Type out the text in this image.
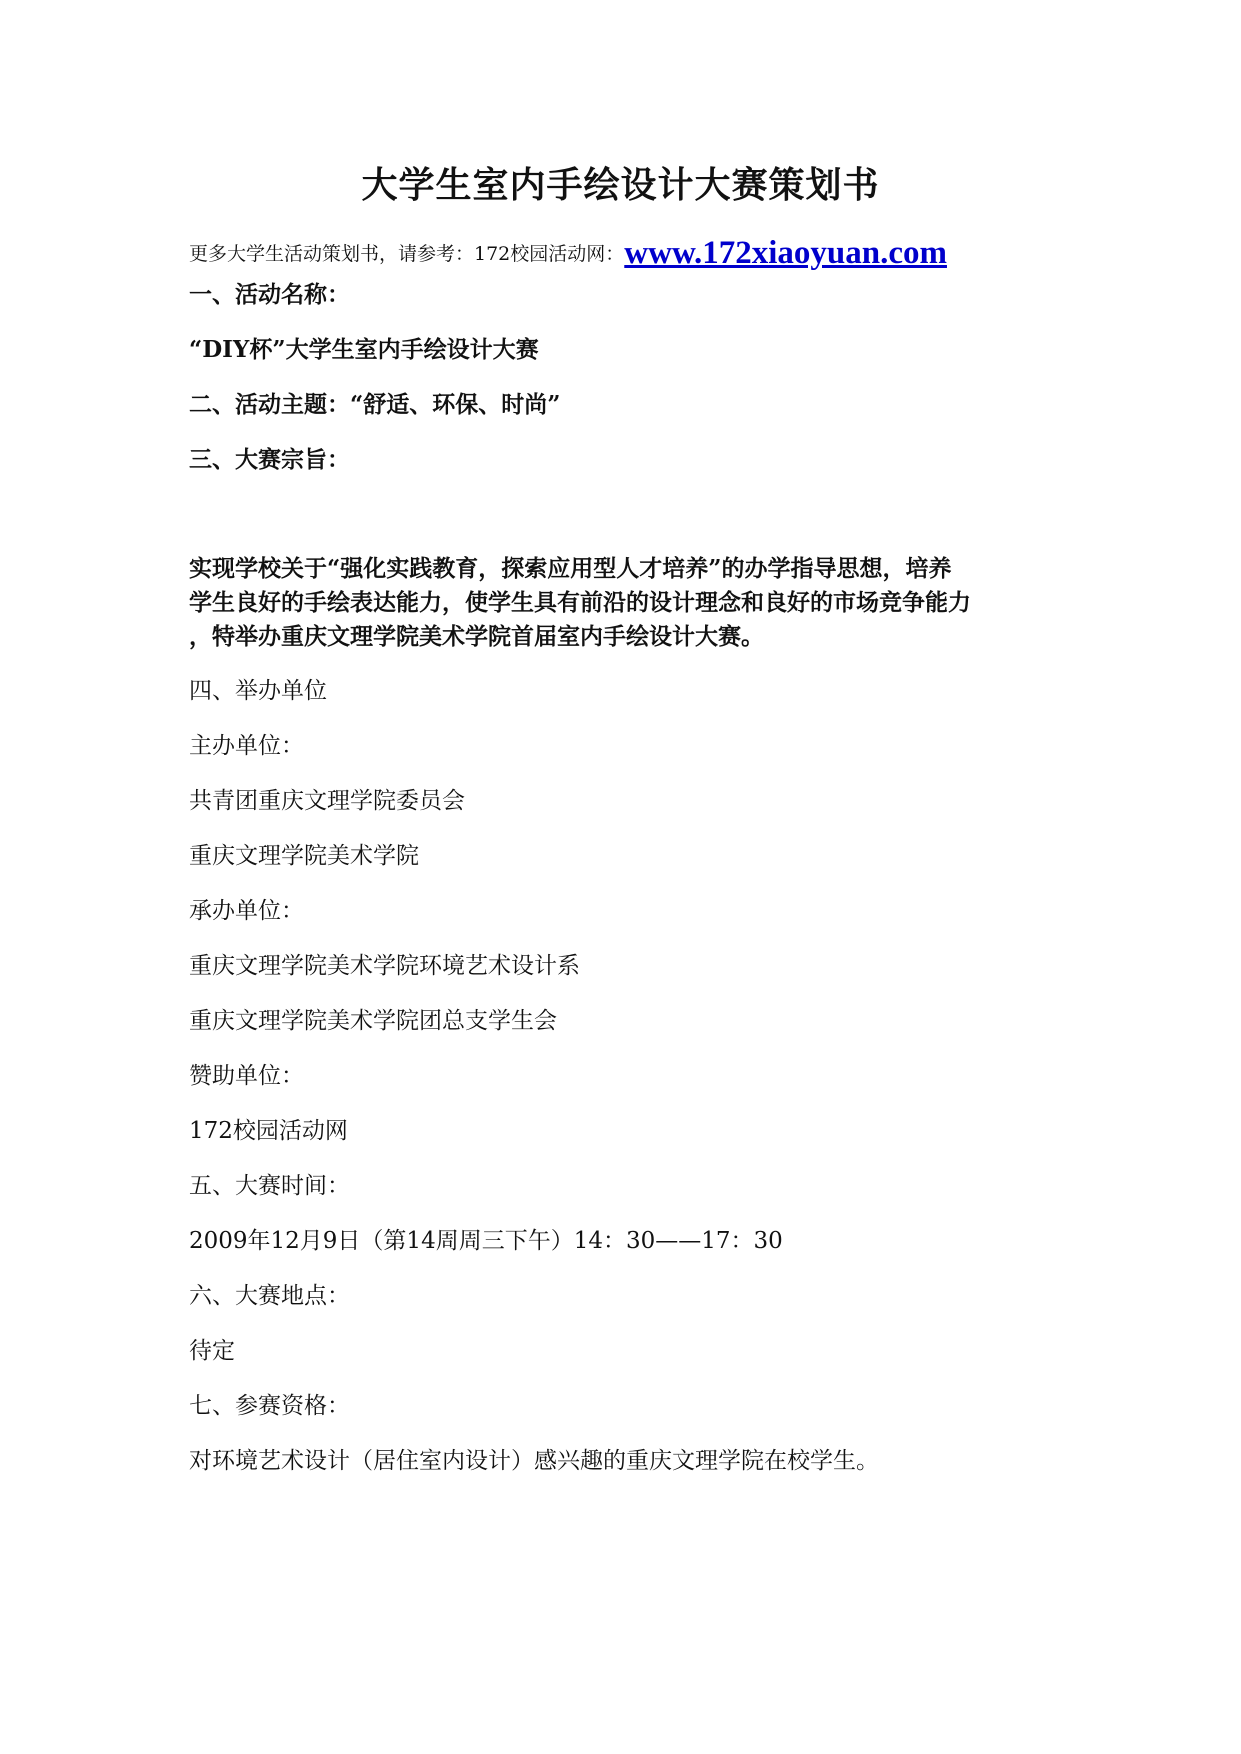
大学生室内手绘设计大赛策划书
更多大学生活动策划书，请参考：172校园活动网：www.172xiaoyuan.com
一、活动名称：
“DIY杯”大学生室内手绘设计大赛
二、活动主题：“舒适、环保、时尚”
三、大赛宗旨：
实现学校关于“强化实践教育，探索应用型人才培养”的办学指导思想，培养
学生良好的手绘表达能力，使学生具有前沿的设计理念和良好的市场竞争能力
，特举办重庆文理学院美术学院首届室内手绘设计大赛。
四、举办单位
主办单位：
共青团重庆文理学院委员会
重庆文理学院美术学院
承办单位：
重庆文理学院美术学院环境艺术设计系
重庆文理学院美术学院团总支学生会
赞助单位：
172校园活动网
五、大赛时间：
2009年12月9日（第14周周三下午）14：30——17：30
六、大赛地点：
待定
七、参赛资格：
对环境艺术设计（居住室内设计）感兴趣的重庆文理学院在校学生。
